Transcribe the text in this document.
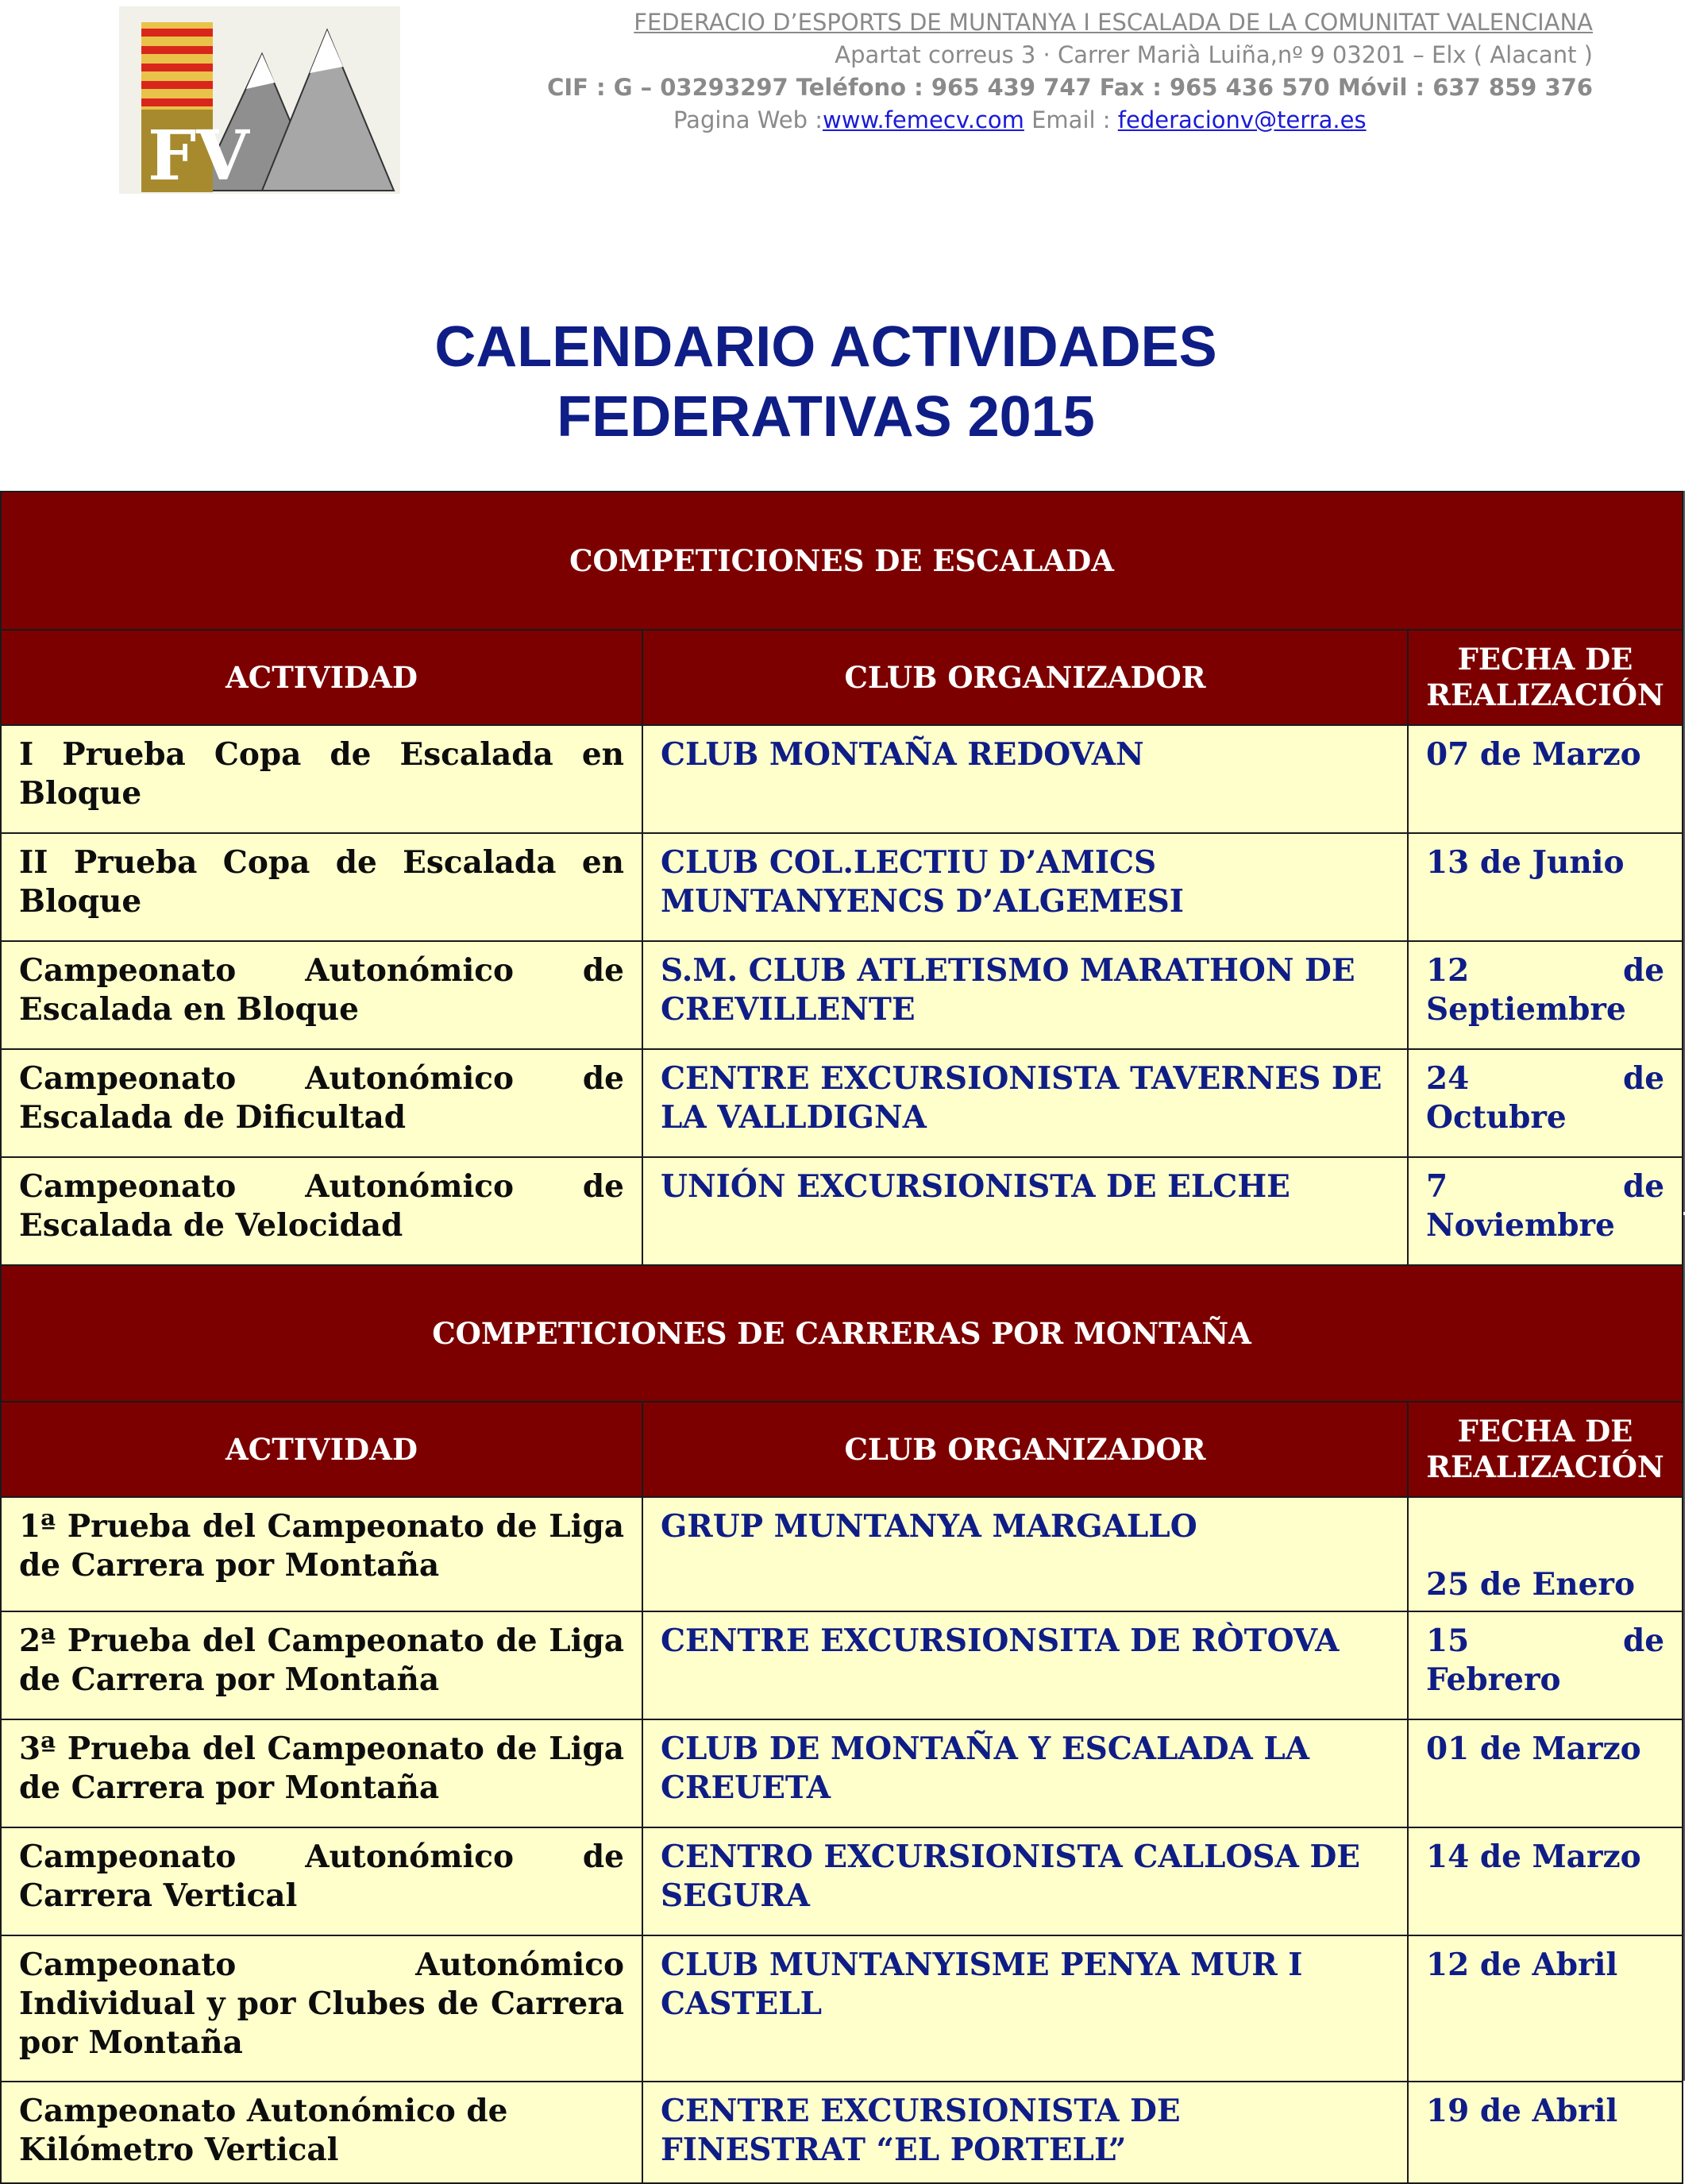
FV
FEDERACIO D’ESPORTS DE MUNTANYA I ESCALADA DE LA COMUNITAT VALENCIANA
Apartat correus 3 · Carrer Marià Luiña,nº 9 03201 – Elx ( Alacant )
CIF : G – 03293297 Teléfono : 965 439 747 Fax : 965 436 570 Móvil : 637 859 376
Pagina Web :www.femecv.com Email : federacionv@terra.es
CALENDARIO ACTIVIDADES
FEDERATIVAS 2015
COMPETICIONES DE ESCALADA		
ACTIVIDAD	CLUB ORGANIZADOR	FECHA DE
REALIZACIÓN
I Prueba Copa de Escalada en Bloque	CLUB MONTAÑA REDOVAN	07 de Marzo
II Prueba Copa de Escalada en Bloque	CLUB COL.LECTIU D’AMICS MUNTANYENCS D’ALGEMESI	13 de Junio
Campeonato Autonómico de Escalada en Bloque	S.M. CLUB ATLETISMO MARATHON DE CREVILLENTE	12 de Septiembre
Campeonato Autonómico de Escalada de Dificultad	CENTRE EXCURSIONISTA TAVERNES DE LA VALLDIGNA	24 de Octubre
Campeonato Autonómico de Escalada de Velocidad	UNIÓN EXCURSIONISTA DE ELCHE	7 de Noviembre
COMPETICIONES DE CARRERAS POR MONTAÑA		
ACTIVIDAD	CLUB ORGANIZADOR	FECHA DE
REALIZACIÓN
1ª Prueba del Campeonato de Liga de Carrera por Montaña	GRUP MUNTANYA MARGALLO	25 de Enero
2ª Prueba del Campeonato de Liga de Carrera por Montaña	CENTRE EXCURSIONSITA DE RÒTOVA	15 de Febrero
3ª Prueba del Campeonato de Liga de Carrera por Montaña	CLUB DE MONTAÑA Y ESCALADA LA CREUETA	01 de Marzo
Campeonato Autonómico de Carrera Vertical	CENTRO EXCURSIONISTA CALLOSA DE SEGURA	14 de Marzo
Campeonato Autonómico Individual y por Clubes de Carrera por Montaña	CLUB MUNTANYISME PENYA MUR I CASTELL	12 de Abril
Campeonato Autonómico de Kilómetro Vertical	CENTRE EXCURSIONISTA DE FINESTRAT “EL PORTELL”	19 de Abril
